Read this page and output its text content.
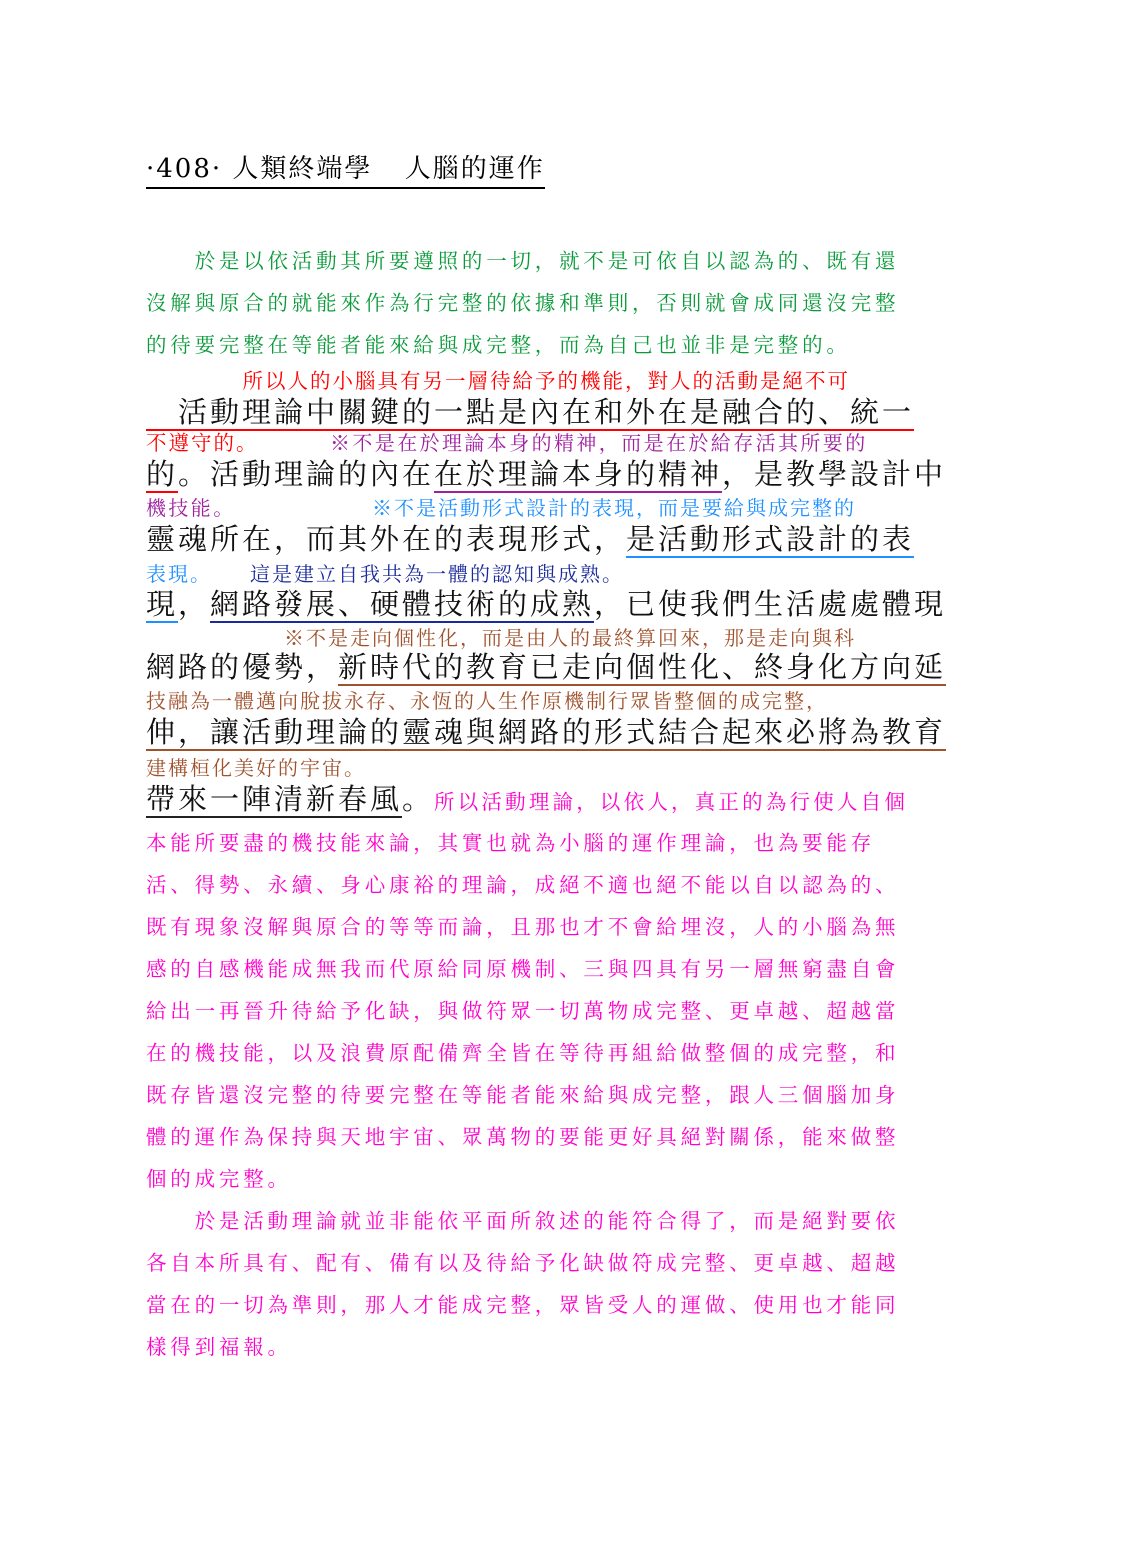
·408· 人類終端學 人腦的運作
　　於是以依活動其所要遵照的一切，就不是可依自以認為的、既有還
沒解與原合的就能來作為行完整的依據和準則，否則就會成同還沒完整
的待要完整在等能者能來給與成完整，而為自己也並非是完整的。
　所以人的小腦具有另一層待給予的機能，對人的活動是絕不可
　活動理論中關鍵的一點是內在和外在是融合的、統一
不遵守的。	※不是在於理論本身的精神，而是在於給存活其所要的
的。活動理論的內在在於理論本身的精神，是教學設計中
機技能。	※不是活動形式設計的表現，而是要給與成完整的
靈魂所在，而其外在的表現形式，是活動形式設計的表
表現。 這是建立自我共為一體的認知與成熟。
現，網路發展、硬體技術的成熟，已使我們生活處處體現
※不是走向個性化，而是由人的最終算回來，那是走向與科
網路的優勢，新時代的教育已走向個性化、終身化方向延
技融為一體邁向脫拔永存、永恆的人生作原機制行眾皆整個的成完整，
伸，讓活動理論的靈魂與網路的形式結合起來必將為教育
建構桓化美好的宇宙。
帶來一陣清新春風。所以活動理論，以依人，真正的為行使人自個
本能所要盡的機技能來論，其實也就為小腦的運作理論，也為要能存
活、得勢、永續、身心康裕的理論，成絕不適也絕不能以自以認為的、
既有現象沒解與原合的等等而論，且那也才不會給埋沒，人的小腦為無
感的自感機能成無我而代原給同原機制、三與四具有另一層無窮盡自會
給出一再晉升待給予化缺，與做符眾一切萬物成完整、更卓越、超越當
在的機技能，以及浪費原配備齊全皆在等待再組給做整個的成完整，和
既存皆還沒完整的待要完整在等能者能來給與成完整，跟人三個腦加身
體的運作為保持與天地宇宙、眾萬物的要能更好具絕對關係，能來做整
個的成完整。
　　於是活動理論就並非能依平面所敘述的能符合得了，而是絕對要依
各自本所具有、配有、備有以及待給予化缺做符成完整、更卓越、超越
當在的一切為準則，那人才能成完整，眾皆受人的運做、使用也才能同
樣得到福報。
